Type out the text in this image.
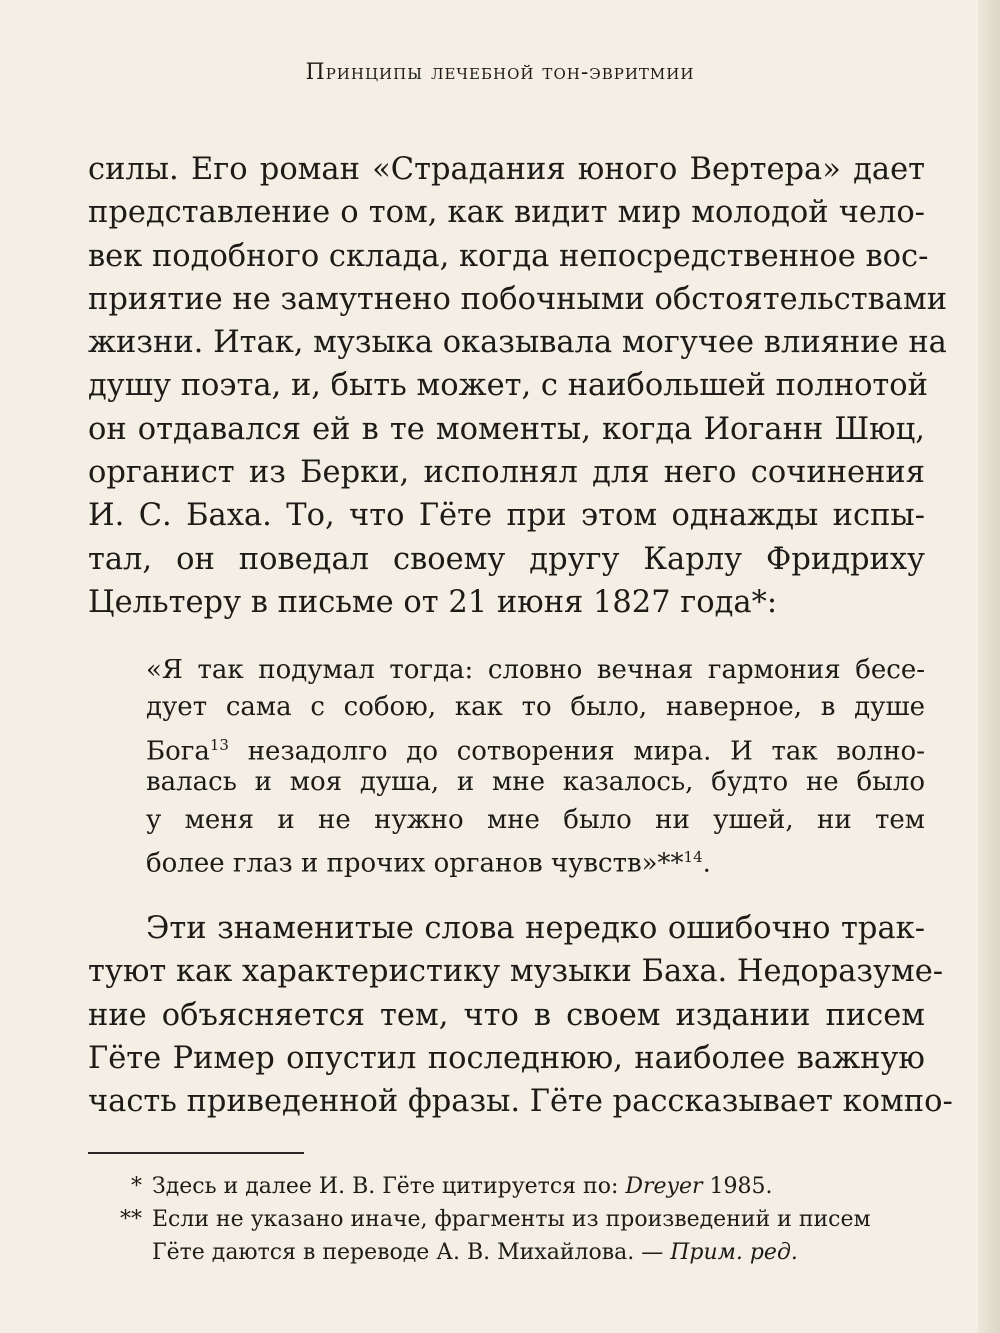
Принципы лечебной тон-эвритмии
силы. Его роман «Страдания юного Вертера» дает
представление о том, как видит мир молодой чело-
век подобного склада, когда непосредственное вос-
приятие не замутнено побочными обстоятельствами
жизни. Итак, музыка оказывала могучее влияние на
душу поэта, и, быть может, с наибольшей полнотой
он отдавался ей в те моменты, когда Иоганн Шюц,
органист из Берки, исполнял для него сочинения
И. С. Баха. То, что Гёте при этом однажды испы-
тал, он поведал своему другу Карлу Фридриху
Цельтеру в письме от 21 июня 1827 года*:
«Я так подумал тогда: словно вечная гармония бесе-
дует сама с собою, как то было, наверное, в душе
Бога$^{13}$ незадолго до сотворения мира. И так волно-
валась и моя душа, и мне казалось, будто не было
у меня и не нужно мне было ни ушей, ни тем
более глаз и прочих органов чувств»**$^{14}$.
Эти знаменитые слова нередко ошибочно трак-
туют как характеристику музыки Баха. Недоразуме-
ние объясняется тем, что в своем издании писем
Гёте Ример опустил последнюю, наиболее важную
часть приведенной фразы. Гёте рассказывает компо-
* Здесь и далее И. В. Гёте цитируется по: Dreyer 1985.
** Если не указано иначе, фрагменты из произведений и писем
Гёте даются в переводе А. В. Михайлова. — Прим. ред.
